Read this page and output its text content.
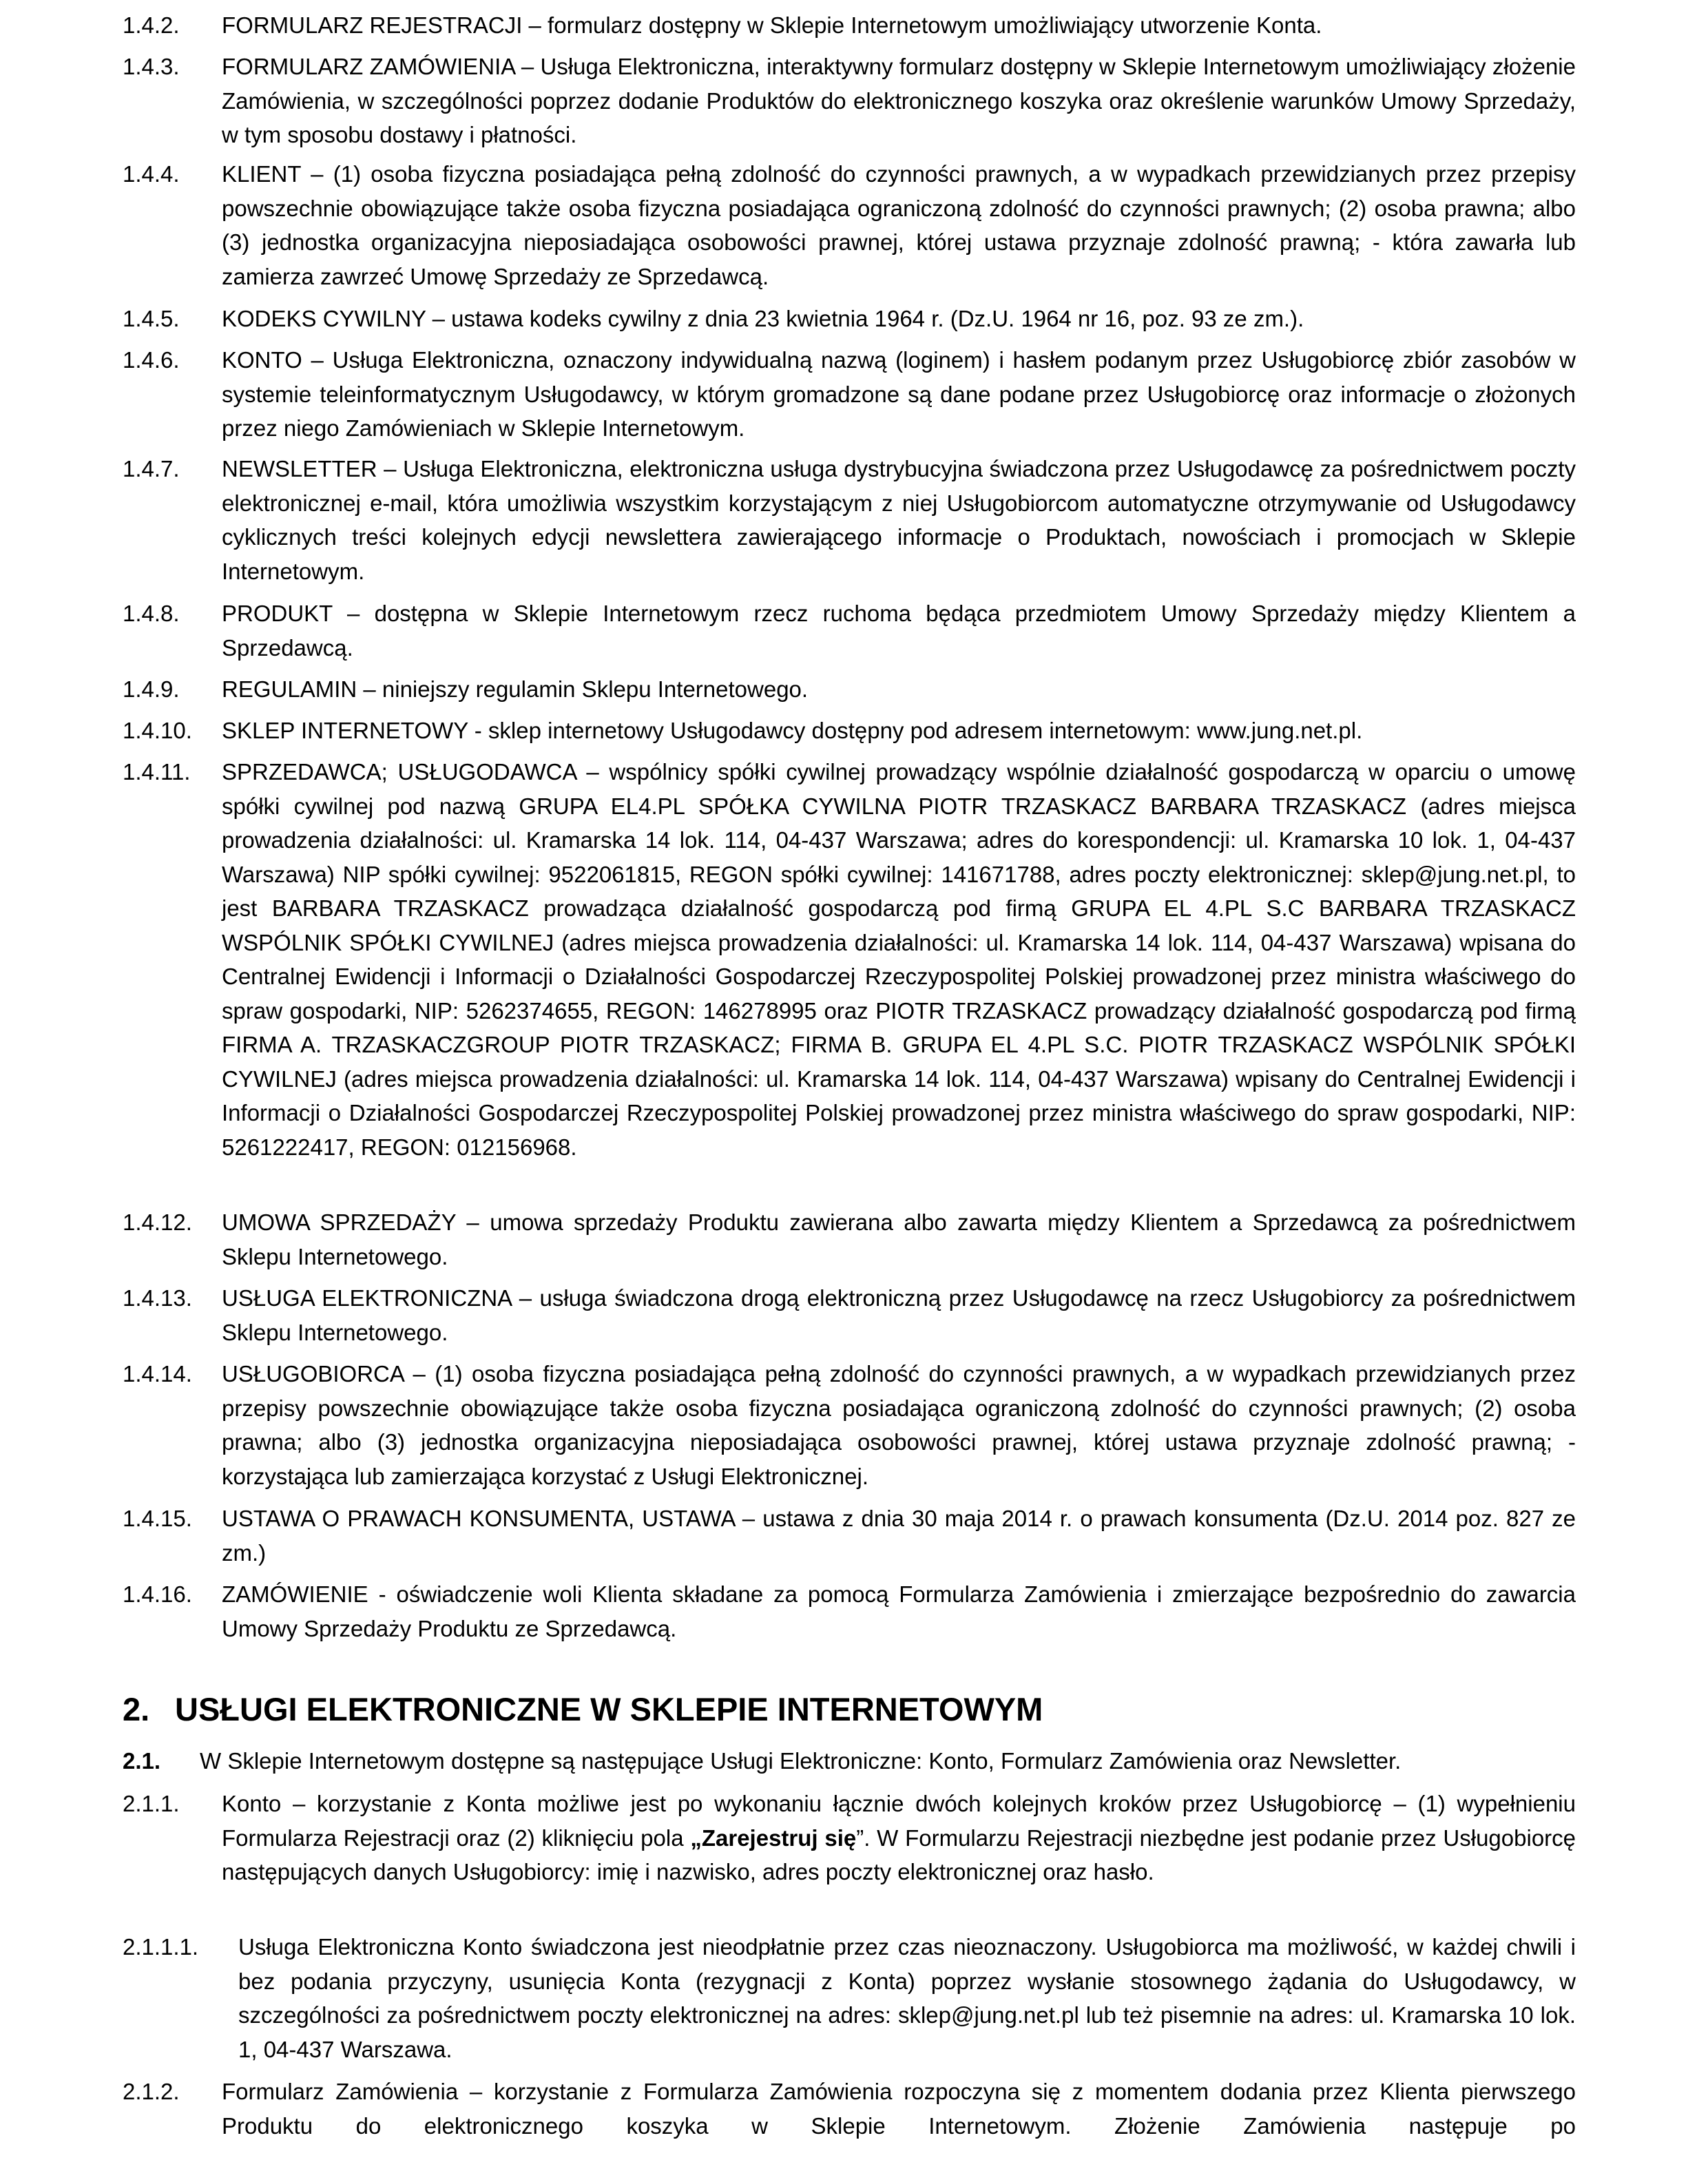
1.4.2. FORMULARZ REJESTRACJI – formularz dostępny w Sklepie Internetowym umożliwiający utworzenie Konta.
1.4.3. FORMULARZ ZAMÓWIENIA – Usługa Elektroniczna, interaktywny formularz dostępny w Sklepie Internetowym umożliwiający złożenie Zamówienia, w szczególności poprzez dodanie Produktów do elektronicznego koszyka oraz określenie warunków Umowy Sprzedaży, w tym sposobu dostawy i płatności.
1.4.4. KLIENT – (1) osoba fizyczna posiadająca pełną zdolność do czynności prawnych, a w wypadkach przewidzianych przez przepisy powszechnie obowiązujące także osoba fizyczna posiadająca ograniczoną zdolność do czynności prawnych; (2) osoba prawna; albo (3) jednostka organizacyjna nieposiadająca osobowości prawnej, której ustawa przyznaje zdolność prawną; - która zawarła lub zamierza zawrzeć Umowę Sprzedaży ze Sprzedawcą.
1.4.5. KODEKS CYWILNY – ustawa kodeks cywilny z dnia 23 kwietnia 1964 r. (Dz.U. 1964 nr 16, poz. 93 ze zm.).
1.4.6. KONTO – Usługa Elektroniczna, oznaczony indywidualną nazwą (loginem) i hasłem podanym przez Usługobiorcę zbiór zasobów w systemie teleinformatycznym Usługodawcy, w którym gromadzone są dane podane przez Usługobiorcę oraz informacje o złożonych przez niego Zamówieniach w Sklepie Internetowym.
1.4.7. NEWSLETTER – Usługa Elektroniczna, elektroniczna usługa dystrybucyjna świadczona przez Usługodawcę za pośrednictwem poczty elektronicznej e-mail, która umożliwia wszystkim korzystającym z niej Usługobiorcom automatyczne otrzymywanie od Usługodawcy cyklicznych treści kolejnych edycji newslettera zawierającego informacje o Produktach, nowościach i promocjach w Sklepie Internetowym.
1.4.8. PRODUKT – dostępna w Sklepie Internetowym rzecz ruchoma będąca przedmiotem Umowy Sprzedaży między Klientem a Sprzedawcą.
1.4.9. REGULAMIN – niniejszy regulamin Sklepu Internetowego.
1.4.10. SKLEP INTERNETOWY - sklep internetowy Usługodawcy dostępny pod adresem internetowym: www.jung.net.pl.
1.4.11. SPRZEDAWCA; USŁUGODAWCA – wspólnicy spółki cywilnej prowadzący wspólnie działalność gospodarczą w oparciu o umowę spółki cywilnej pod nazwą GRUPA EL4.PL SPÓŁKA CYWILNA PIOTR TRZASKACZ BARBARA TRZASKACZ (adres miejsca prowadzenia działalności: ul. Kramarska 14 lok. 114, 04-437 Warszawa; adres do korespondencji: ul. Kramarska 10 lok. 1, 04-437 Warszawa) NIP spółki cywilnej: 9522061815, REGON spółki cywilnej: 141671788, adres poczty elektronicznej: sklep@jung.net.pl, to jest BARBARA TRZASKACZ prowadząca działalność gospodarczą pod firmą GRUPA EL 4.PL S.C BARBARA TRZASKACZ WSPÓLNIK SPÓŁKI CYWILNEJ (adres miejsca prowadzenia działalności: ul. Kramarska 14 lok. 114, 04-437 Warszawa) wpisana do Centralnej Ewidencji i Informacji o Działalności Gospodarczej Rzeczypospolitej Polskiej prowadzonej przez ministra właściwego do spraw gospodarki, NIP: 5262374655, REGON: 146278995 oraz PIOTR TRZASKACZ prowadzący działalność gospodarczą pod firmą FIRMA A. TRZASKACZGROUP PIOTR TRZASKACZ; FIRMA B. GRUPA EL 4.PL S.C. PIOTR TRZASKACZ WSPÓLNIK SPÓŁKI CYWILNEJ (adres miejsca prowadzenia działalności: ul. Kramarska 14 lok. 114, 04-437 Warszawa) wpisany do Centralnej Ewidencji i Informacji o Działalności Gospodarczej Rzeczypospolitej Polskiej prowadzonej przez ministra właściwego do spraw gospodarki, NIP: 5261222417, REGON: 012156968.
1.4.12. UMOWA SPRZEDAŻY – umowa sprzedaży Produktu zawierana albo zawarta między Klientem a Sprzedawcą za pośrednictwem Sklepu Internetowego.
1.4.13. USŁUGA ELEKTRONICZNA – usługa świadczona drogą elektroniczną przez Usługodawcę na rzecz Usługobiorcy za pośrednictwem Sklepu Internetowego.
1.4.14. USŁUGOBIORCA – (1) osoba fizyczna posiadająca pełną zdolność do czynności prawnych, a w wypadkach przewidzianych przez przepisy powszechnie obowiązujące także osoba fizyczna posiadająca ograniczoną zdolność do czynności prawnych; (2) osoba prawna; albo (3) jednostka organizacyjna nieposiadająca osobowości prawnej, której ustawa przyznaje zdolność prawną; - korzystająca lub zamierzająca korzystać z Usługi Elektronicznej.
1.4.15. USTAWA O PRAWACH KONSUMENTA, USTAWA – ustawa z dnia 30 maja 2014 r. o prawach konsumenta (Dz.U. 2014 poz. 827 ze zm.)
1.4.16. ZAMÓWIENIE - oświadczenie woli Klienta składane za pomocą Formularza Zamówienia i zmierzające bezpośrednio do zawarcia Umowy Sprzedaży Produktu ze Sprzedawcą.
2. USŁUGI ELEKTRONICZNE W SKLEPIE INTERNETOWYM
2.1. W Sklepie Internetowym dostępne są następujące Usługi Elektroniczne: Konto, Formularz Zamówienia oraz Newsletter.
2.1.1. Konto – korzystanie z Konta możliwe jest po wykonaniu łącznie dwóch kolejnych kroków przez Usługobiorcę – (1) wypełnieniu Formularza Rejestracji oraz (2) kliknięciu pola „Zarejestruj się”. W Formularzu Rejestracji niezbędne jest podanie przez Usługobiorcę następujących danych Usługobiorcy: imię i nazwisko, adres poczty elektronicznej oraz hasło.
2.1.1.1. Usługa Elektroniczna Konto świadczona jest nieodpłatnie przez czas nieoznaczony. Usługobiorca ma możliwość, w każdej chwili i bez podania przyczyny, usunięcia Konta (rezygnacji z Konta) poprzez wysłanie stosownego żądania do Usługodawcy, w szczególności za pośrednictwem poczty elektronicznej na adres: sklep@jung.net.pl lub też pisemnie na adres: ul. Kramarska 10 lok. 1, 04-437 Warszawa.
2.1.2. Formularz Zamówienia – korzystanie z Formularza Zamówienia rozpoczyna się z momentem dodania przez Klienta pierwszego Produktu do elektronicznego koszyka w Sklepie Internetowym. Złożenie Zamówienia następuje po
